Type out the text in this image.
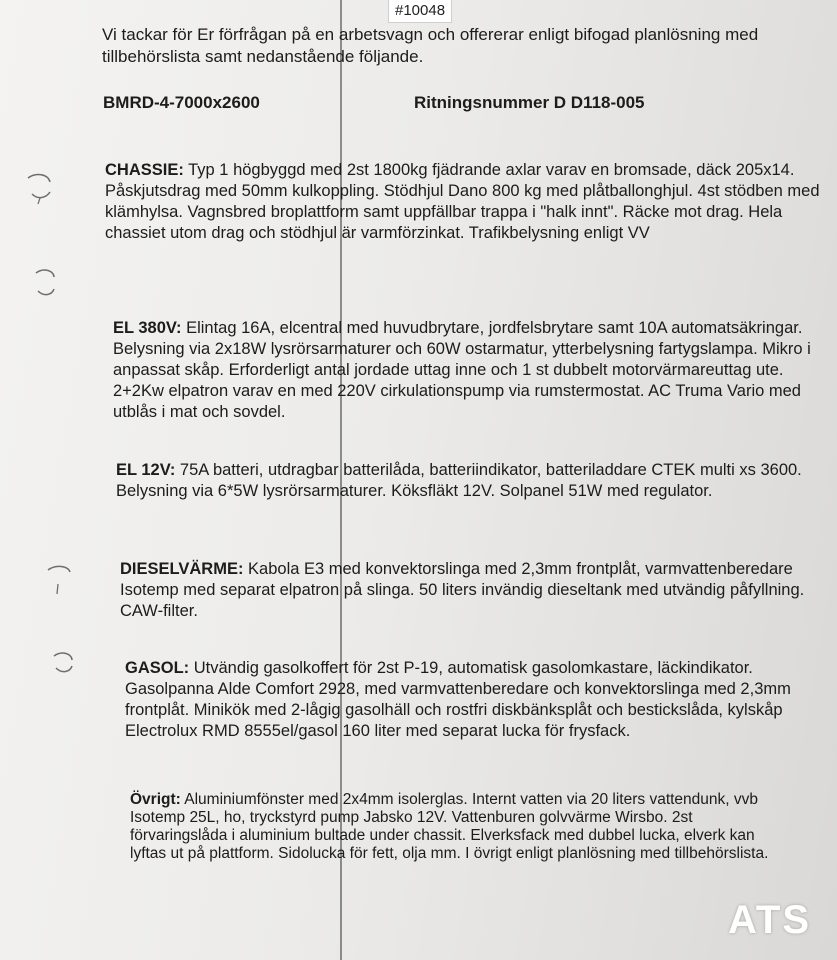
#10048
Vi tackar för Er förfrågan på en arbetsvagn och offererar enligt bifogad planlösning med tillbehörslista samt nedanstående följande.
BMRD-4-7000x2600	Ritningsnummer D D118-005
CHASSIE: Typ 1 högbyggd med 2st 1800kg fjädrande axlar varav en bromsade, däck 205x14. Påskjutsdrag med 50mm kulkoppling. Stödhjul Dano 800 kg med plåtballonghjul. 4st stödben med klämhylsa. Vagnsbred broplattform samt uppfällbar trappa i "halk innt". Räcke mot drag. Hela chassiet utom drag och stödhjul är varmförzinkat. Trafikbelysning enligt VV
EL 380V: Elintag 16A, elcentral med huvudbrytare, jordfelsbrytare samt 10A automatsäkringar. Belysning via 2x18W lysrörsarmaturer och 60W ostarmatur, ytterbelysning fartygslampa. Mikro i anpassat skåp. Erforderligt antal jordade uttag inne och 1 st dubbelt motorvärmareuttag ute. 2+2Kw elpatron varav en med 220V cirkulationspump via rumstermostat. AC Truma Vario med utblås i mat och sovdel.
EL 12V: 75A batteri, utdragbar batterilåda, batteriindikator, batteriladdare CTEK multi xs 3600. Belysning via 6*5W lysrörsarmaturer. Köksfläkt 12V. Solpanel 51W med regulator.
DIESELVÄRME: Kabola E3 med konvektorslinga med 2,3mm frontplåt, varmvattenberedare Isotemp med separat elpatron på slinga. 50 liters invändig dieseltank med utvändig påfyllning. CAW-filter.
GASOL: Utvändig gasolkoffert för 2st P-19, automatisk gasolomkastare, läckindikator. Gasolpanna Alde Comfort 2928, med varmvattenberedare och konvektorslinga med 2,3mm frontplåt. Minikök med 2-lågig gasolhäll och rostfri diskbänksplåt och bestickslåda, kylskåp Electrolux RMD 8555el/gasol 160 liter med separat lucka för frysfack.
Övrigt: Aluminiumfönster med 2x4mm isolerglas. Internt vatten via 20 liters vattendunk, vvb Isotemp 25L, ho, tryckstyrd pump Jabsko 12V. Vattenburen golvvärme Wirsbo. 2st förvaringslåda i aluminium bultade under chassit. Elverksfack med dubbel lucka, elverk kan lyftas ut på plattform. Sidolucka för fett, olja mm. I övrigt enligt planlösning med tillbehörslista.
ATS
